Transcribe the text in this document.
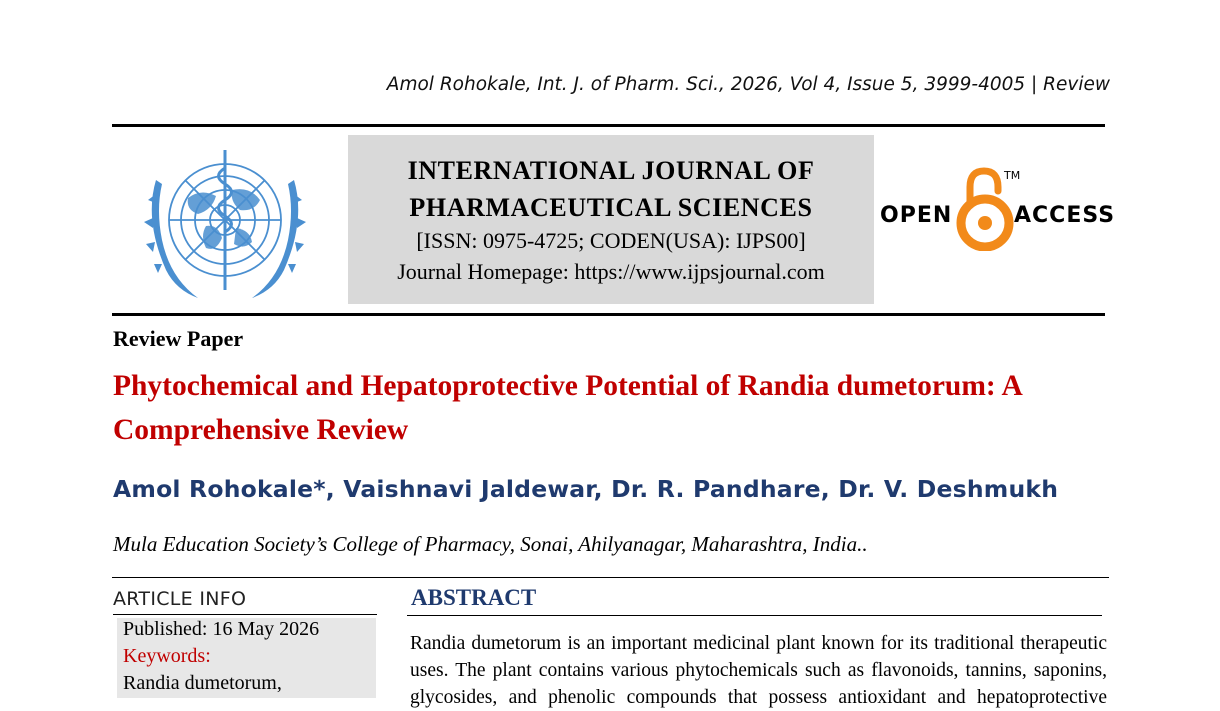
Amol Rohokale, Int. J. of Pharm. Sci., 2026, Vol 4, Issue 5, 3999-4005 | Review
INTERNATIONAL JOURNAL OF
PHARMACEUTICAL SCIENCES
[ISSN: 0975-4725; CODEN(USA): IJPS00]
Journal Homepage: https://www.ijpsjournal.com
OPEN
TM
ACCESS
Review Paper
Phytochemical and Hepatoprotective Potential of Randia dumetorum: A Comprehensive Review
Amol Rohokale*, Vaishnavi Jaldewar, Dr. R. Pandhare, Dr. V. Deshmukh
Mula Education Society’s College of Pharmacy, Sonai, Ahilyanagar, Maharashtra, India..
ARTICLE INFO
Published: 16 May 2026
Keywords:
Randia dumetorum,
ABSTRACT
Randia dumetorum is an important medicinal plant known for its traditional therapeutic uses. The plant contains various phytochemicals such as flavonoids, tannins, saponins, glycosides, and phenolic compounds that possess antioxidant and hepatoprotective
